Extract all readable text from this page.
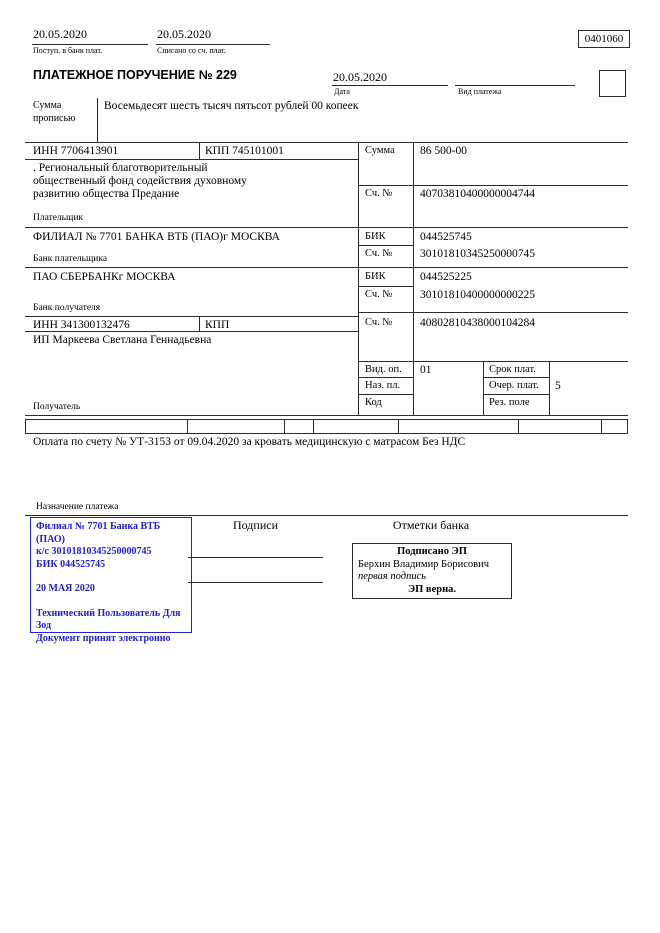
20.05.2020
Поступ. в банк плат.
20.05.2020
Списано со сч. плат.
0401060
ПЛАТЕЖНОЕ ПОРУЧЕНИЕ № 229	20.05.2020
Дата	Вид платежа
Сумма
прописью
Восемьдесят шесть тысяч пятьсот рублей 00 копеек
ИНН 7706413901	КПП 745101001
. Региональный благотворительный
общественный фонд содействия духовному
развитию общества Предание
Плательщик
Сумма 86 500-00
Сч. № 40703810400000004744
ФИЛИАЛ № 7701 БАНКА ВТБ (ПАО)г МОСКВА
Банк плательщика
БИК	044525745
Сч. № 30101810345250000745
ПАО СБЕРБАНКг МОСКВА
Банк получателя
БИК	044525225
Сч. № 30101810400000000225
ИНН 341300132476	КПП
ИП Маркеева Светлана Геннадьевна
Сч. № 40802810438000104284
Вид. оп. 01	Срок плат.
Наз. пл.	Очер. плат. 5
Код	Рез. поле
Получатель
Оплата по счету № УТ-3153 от 09.04.2020 за кровать медицинскую с матрасом Без НДС
Назначение платежа
Подписи	Отметки банка
Филиал № 7701 Банка ВТБ (ПАО)
к/с 30101810345250000745
БИК 044525745
20 МАЯ 2020
Технический Пользователь Для
Зод
Документ принят электронно
Подписано ЭП
Берхин Владимир Борисович
первая подпись
ЭП верна.
